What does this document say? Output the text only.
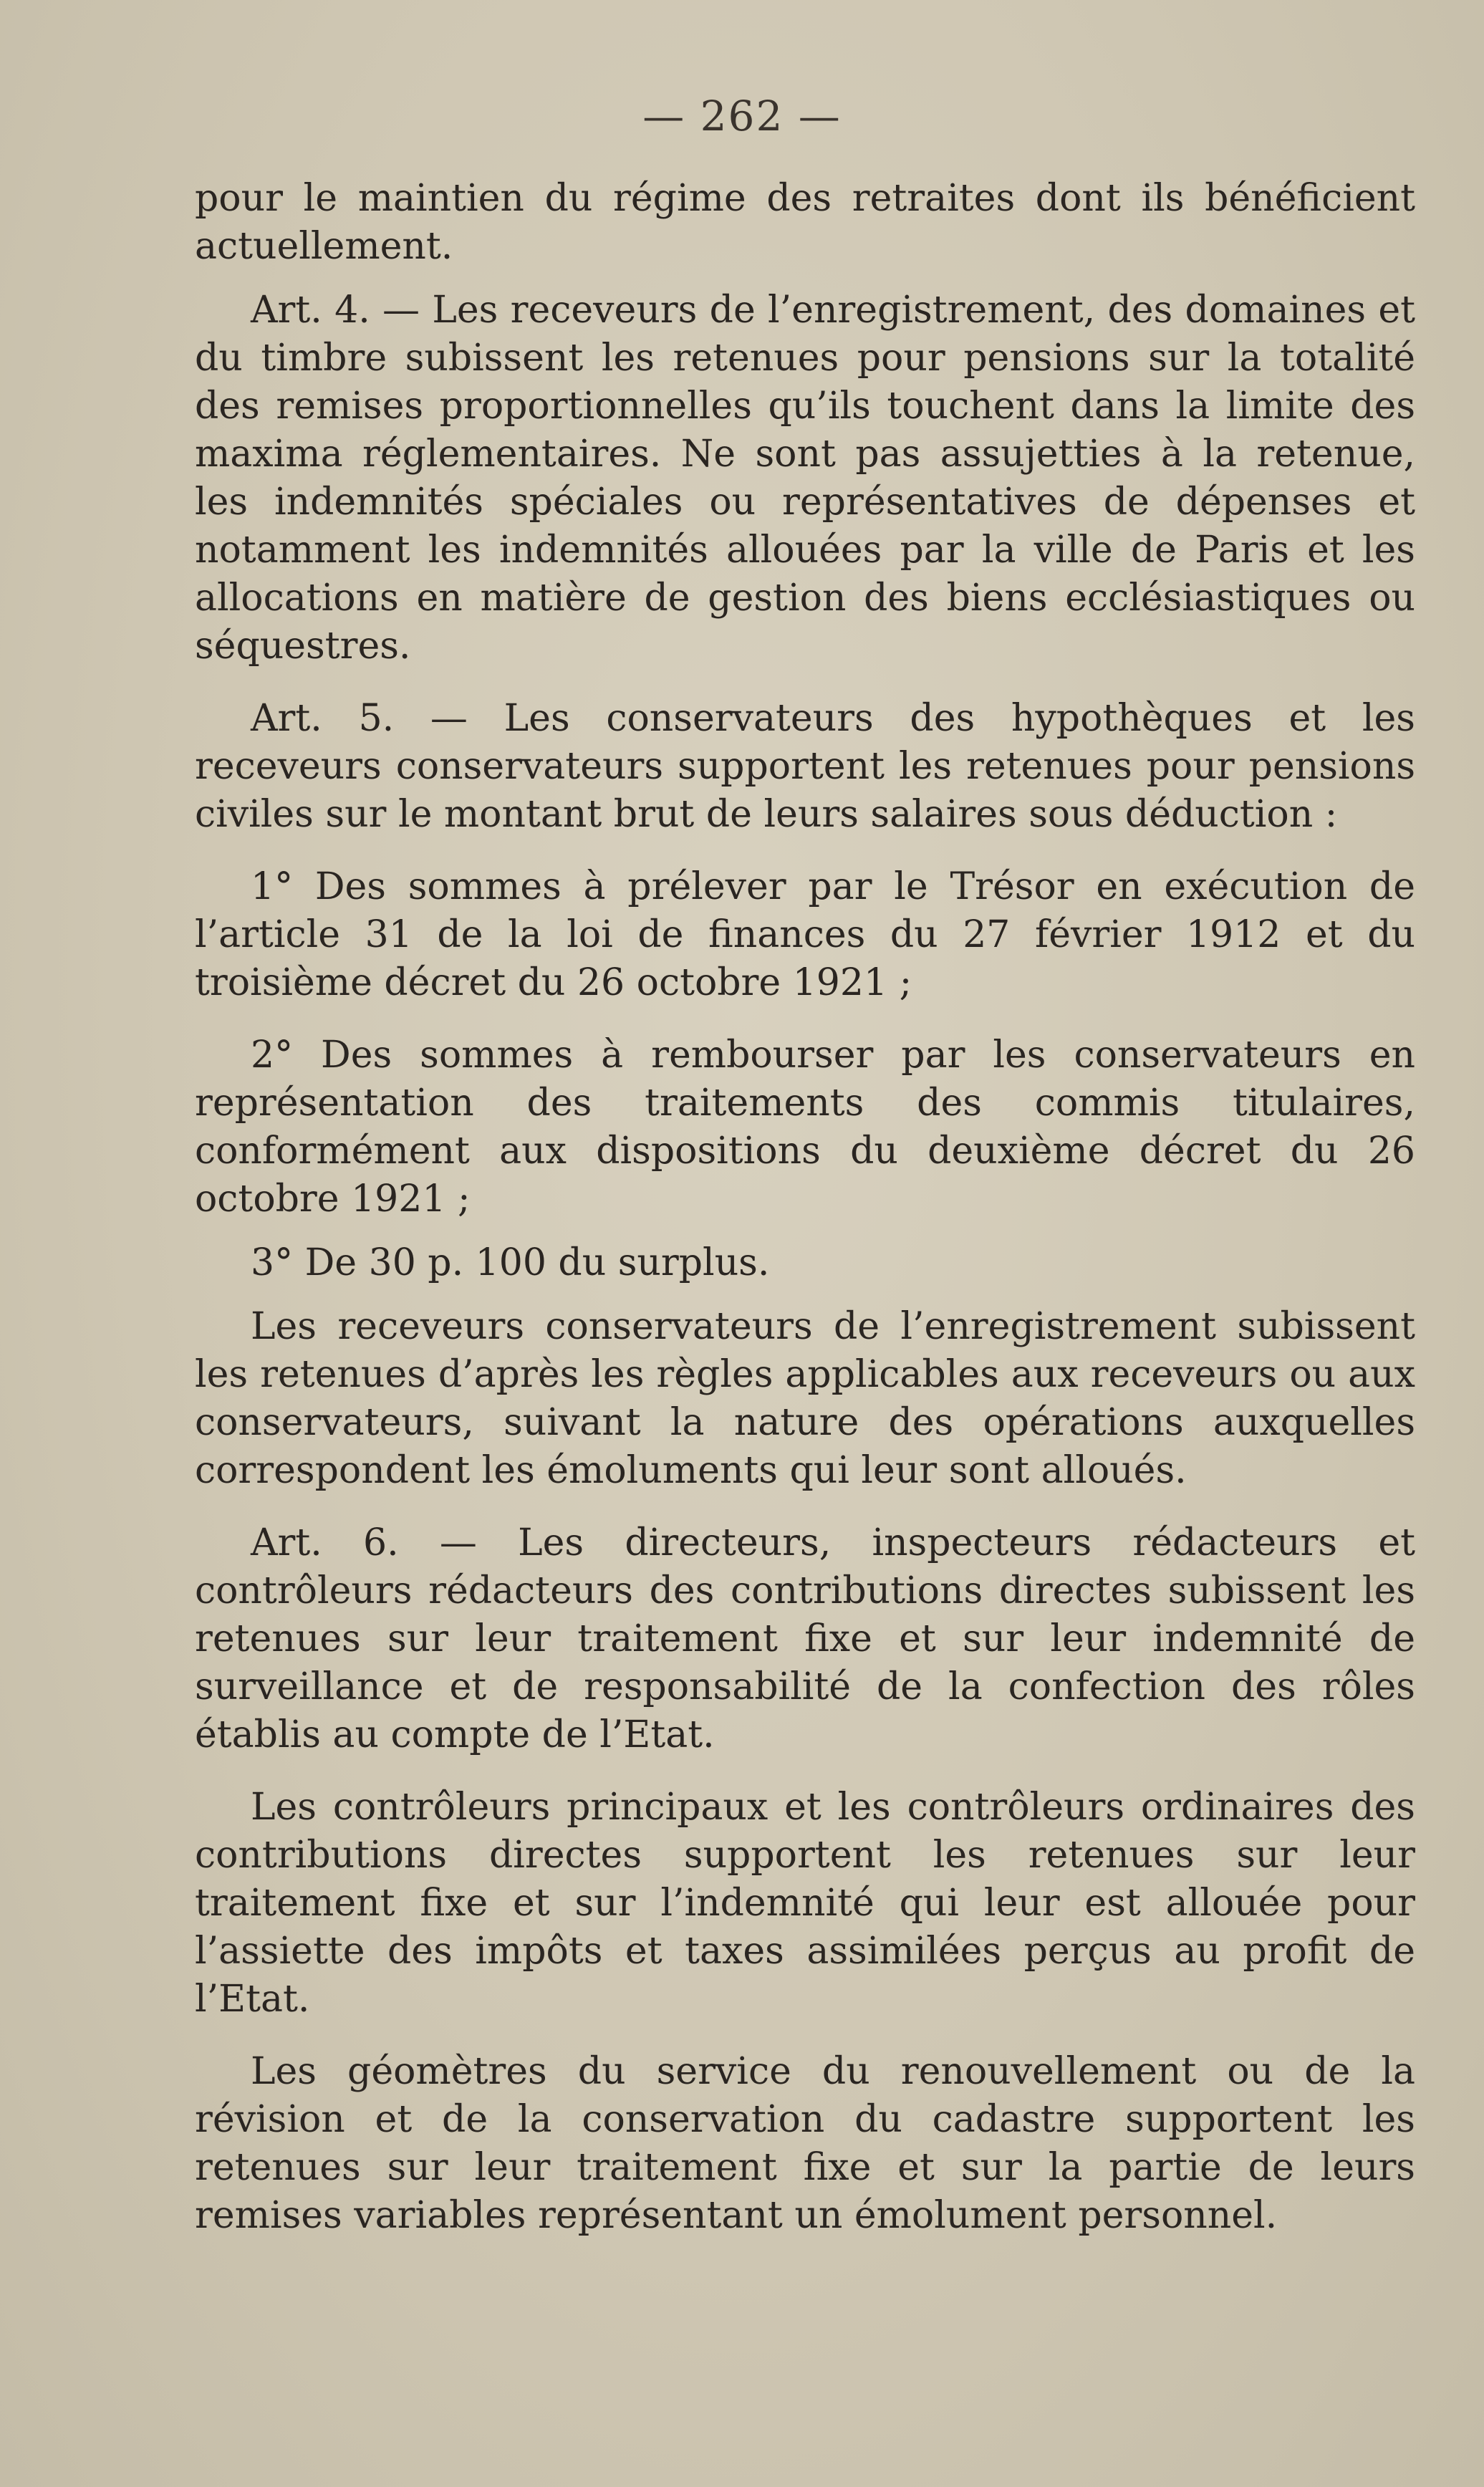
— 262 —

pour le maintien du régime des retraites dont ils bénéficient actuellement.

Art. 4. — Les receveurs de l’enregistrement, des domaines et du timbre subissent les retenues pour pensions sur la totalité des remises proportionnelles qu’ils touchent dans la limite des maxima réglementaires. Ne sont pas assujetties à la retenue, les indemnités spéciales ou représentatives de dépenses et notamment les indemnités allouées par la ville de Paris et les allocations en matière de gestion des biens ecclésiastiques ou séquestres.

Art. 5. — Les conservateurs des hypothèques et les receveurs conservateurs supportent les retenues pour pensions civiles sur le montant brut de leurs salaires sous déduction :

1° Des sommes à prélever par le Trésor en exécution de l’article 31 de la loi de finances du 27 février 1912 et du troisième décret du 26 octobre 1921 ;

2° Des sommes à rembourser par les conservateurs en représentation des traitements des commis titulaires, conformément aux dispositions du deuxième décret du 26 octobre 1921 ;

3° De 30 p. 100 du surplus.

Les receveurs conservateurs de l’enregistrement subissent les retenues d’après les règles applicables aux receveurs ou aux conservateurs, suivant la nature des opérations auxquelles correspondent les émoluments qui leur sont alloués.

Art. 6. — Les directeurs, inspecteurs rédacteurs et contrôleurs rédacteurs des contributions directes subissent les retenues sur leur traitement fixe et sur leur indemnité de surveillance et de responsabilité de la confection des rôles établis au compte de l’Etat.

Les contrôleurs principaux et les contrôleurs ordinaires des contributions directes supportent les retenues sur leur traitement fixe et sur l’indemnité qui leur est allouée pour l’assiette des impôts et taxes assimilées perçus au profit de l’Etat.

Les géomètres du service du renouvellement ou de la révision et de la conservation du cadastre supportent les retenues sur leur traitement fixe et sur la partie de leurs remises variables représentant un émolument personnel.
